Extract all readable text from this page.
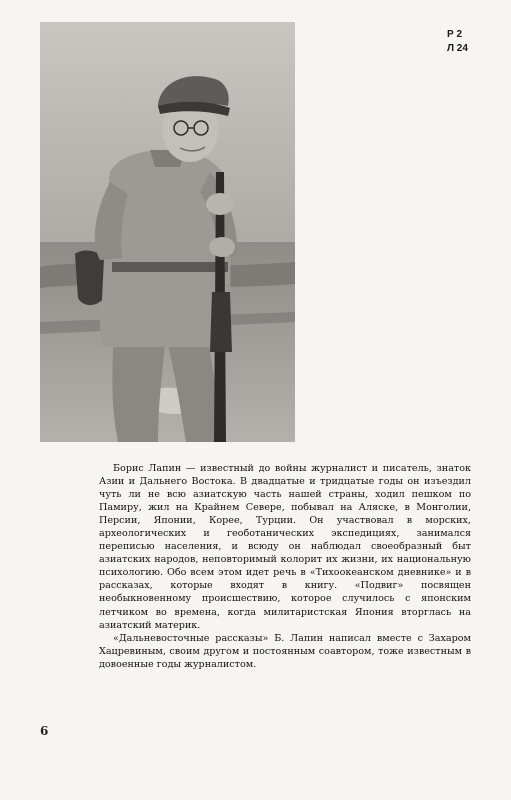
Р 2
Л 24

Борис Лапин — известный до войны журналист и писатель, знаток Азии и Дальнего Востока. В двадцатые и тридцатые годы он изъездил чуть ли не всю азиатскую часть нашей страны, ходил пешком по Памиру, жил на Крайнем Севере, побывал на Аляске, в Монголии, Персии, Японии, Корее, Турции. Он участвовал в морских, археологических и геоботанических экспедициях, занимался переписью населения, и всюду он наблюдал своеобразный быт азиатских народов, неповторимый колорит их жизни, их национальную психологию. Обо всем этом идет речь в «Тихоокеанском дневнике» и в рассказах, которые входят в книгу. «Подвиг» посвящен необыкновенному происшествию, которое случилось с японским летчиком во времена, когда милитаристская Япония вторглась на азиатский материк.

«Дальневосточные рассказы» Б. Лапин написал вместе с Захаром Хацревиным, своим другом и постоянным соавтором, тоже известным в довоенные годы журналистом.

6
